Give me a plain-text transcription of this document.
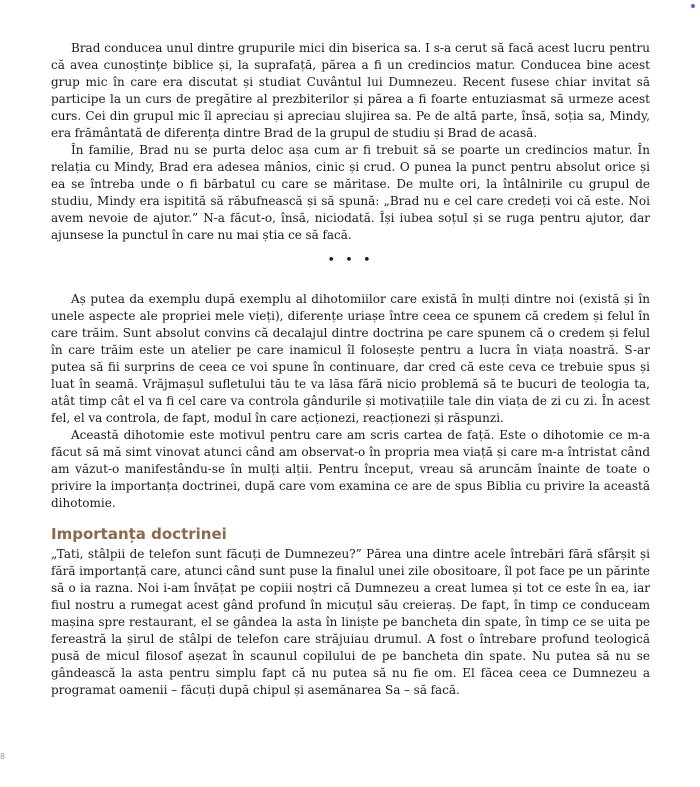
Brad conducea unul dintre grupurile mici din biserica sa. I s-a cerut să facă acest lucru pentru că avea cunoștințe biblice și, la suprafață, părea a fi un credincios matur. Conducea bine acest grup mic în care era discutat și studiat Cuvântul lui Dumnezeu. Recent fusese chiar invitat să participe la un curs de pregătire al prezbiterilor și părea a fi foarte entuziasmat să urmeze acest curs. Cei din grupul mic îl apreciau și apreciau slujirea sa. Pe de altă parte, însă, soția sa, Mindy, era frământată de diferența dintre Brad de la grupul de studiu și Brad de acasă.

În familie, Brad nu se purta deloc așa cum ar fi trebuit să se poarte un credincios matur. În relația cu Mindy, Brad era adesea mânios, cinic și crud. O punea la punct pentru absolut orice și ea se întreba unde o fi bărbatul cu care se măritase. De multe ori, la întâlnirile cu grupul de studiu, Mindy era ispitită să răbufnească și să spună: „Brad nu e cel care credeți voi că este. Noi avem nevoie de ajutor.” N-a făcut-o, însă, niciodată. Își iubea soțul și se ruga pentru ajutor, dar ajunsese la punctul în care nu mai știa ce să facă.

• • •

Aș putea da exemplu după exemplu al dihotomiilor care există în mulți dintre noi (există și în unele aspecte ale propriei mele vieți), diferențe uriașe între ceea ce spunem că credem și felul în care trăim. Sunt absolut convins că decalajul dintre doctrina pe care spunem că o credem și felul în care trăim este un atelier pe care inamicul îl folosește pentru a lucra în viața noastră. S-ar putea să fii surprins de ceea ce voi spune în continuare, dar cred că este ceva ce trebuie spus și luat în seamă. Vrăjmașul sufletului tău te va lăsa fără nicio problemă să te bucuri de teologia ta, atât timp cât el va fi cel care va controla gândurile și motivațiile tale din viața de zi cu zi. În acest fel, el va controla, de fapt, modul în care acționezi, reacționezi și răspunzi.

Această dihotomie este motivul pentru care am scris cartea de față. Este o dihotomie ce m-a făcut să mă simt vinovat atunci când am observat-o în propria mea viață și care m-a întristat când am văzut-o manifestându-se în mulți alții. Pentru început, vreau să aruncăm înainte de toate o privire la importanța doctrinei, după care vom examina ce are de spus Biblia cu privire la această dihotomie.

Importanța doctrinei

„Tati, stâlpii de telefon sunt făcuți de Dumnezeu?” Părea una dintre acele întrebări fără sfârșit și fără importanță care, atunci când sunt puse la finalul unei zile obositoare, îl pot face pe un părinte să o ia razna. Noi i-am învățat pe copiii noștri că Dumnezeu a creat lumea și tot ce este în ea, iar fiul nostru a rumegat acest gând profund în micuțul său creieraș. De fapt, în timp ce conduceam mașina spre restaurant, el se gândea la asta în liniște pe bancheta din spate, în timp ce se uita pe fereastră la șirul de stâlpi de telefon care străjuiau drumul. A fost o întrebare profund teologică pusă de micul filosof așezat în scaunul copilului de pe bancheta din spate. Nu putea să nu se gândească la asta pentru simplu fapt că nu putea să nu fie om. El făcea ceea ce Dumnezeu a programat oamenii – făcuți după chipul și asemănarea Sa – să facă.

8
